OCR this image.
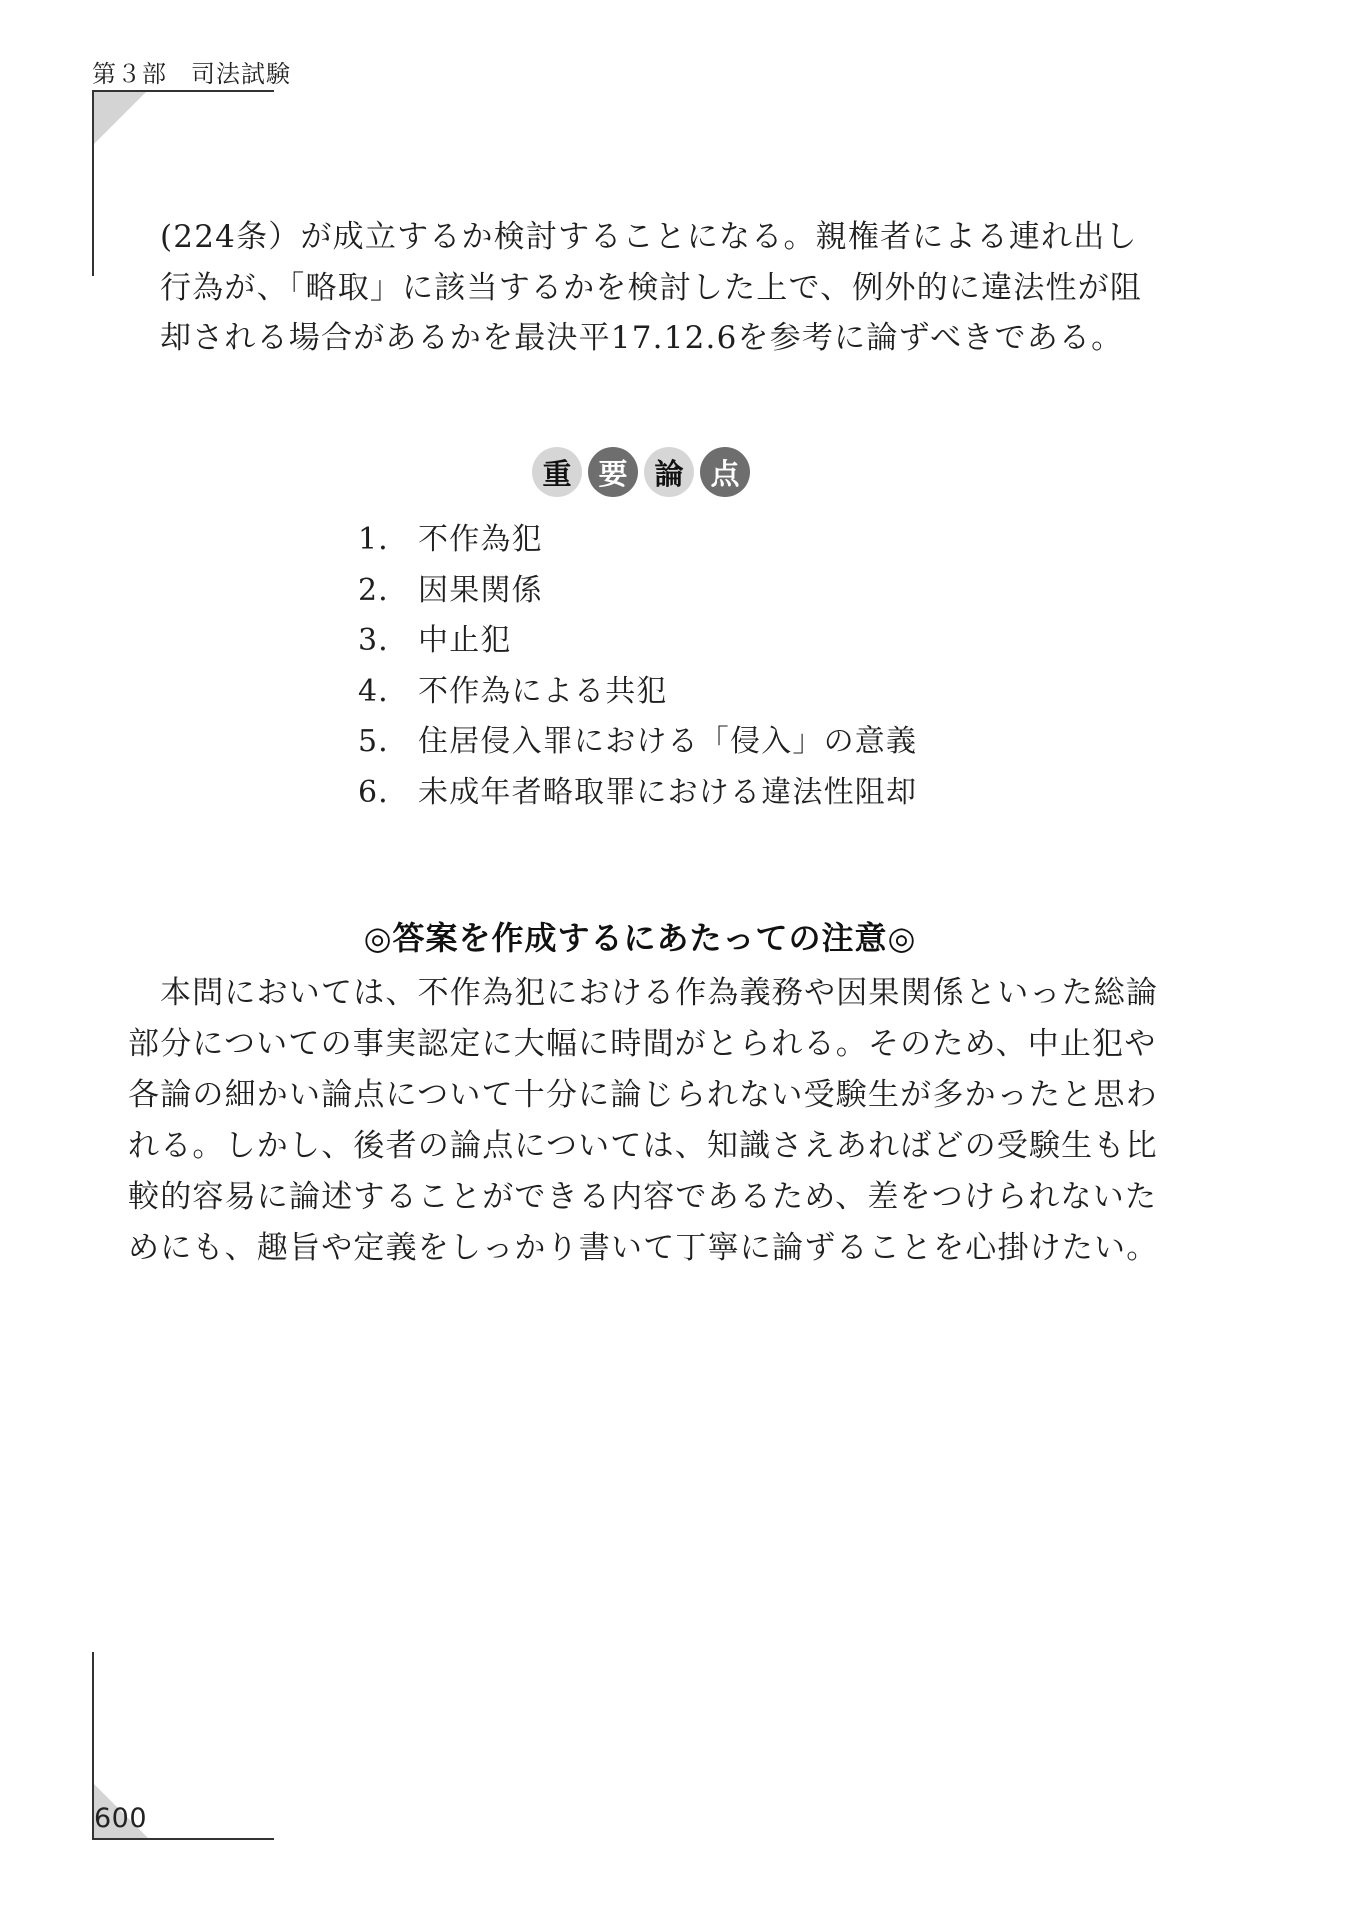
第３部 司法試験
(224条）が成立するか検討することになる。親権者による連れ出し
行為が、「略取」に該当するかを検討した上で、例外的に違法性が阻
却される場合があるかを最決平17.12.6を参考に論ずべきである。
重 要 論 点
1． 不作為犯
2． 因果関係
3． 中止犯
4． 不作為による共犯
5． 住居侵入罪における「侵入」の意義
6． 未成年者略取罪における違法性阻却
◎答案を作成するにあたっての注意◎
本問においては、不作為犯における作為義務や因果関係といった総論
部分についての事実認定に大幅に時間がとられる。そのため、中止犯や
各論の細かい論点について十分に論じられない受験生が多かったと思わ
れる。しかし、後者の論点については、知識さえあればどの受験生も比
較的容易に論述することができる内容であるため、差をつけられないた
めにも、趣旨や定義をしっかり書いて丁寧に論ずることを心掛けたい。
600
